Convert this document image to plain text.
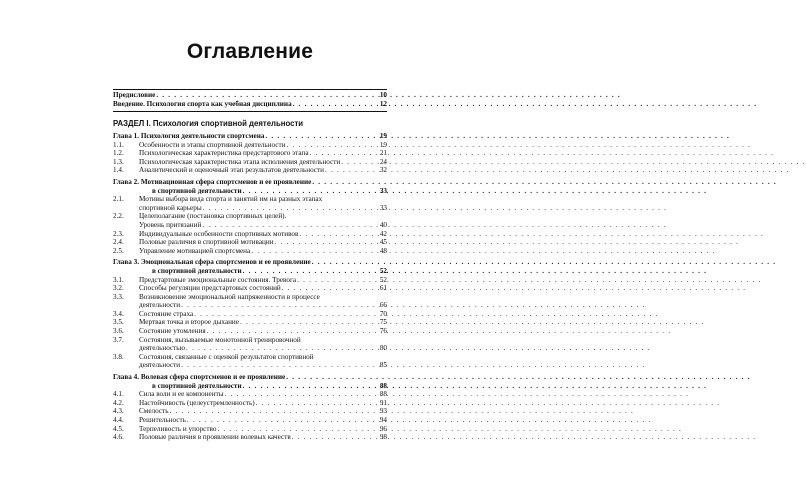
Оглавление
Предисловие . . .	10
Введение. Психология спорта как учебная дисциплина . . .	12
РАЗДЕЛ I. Психология спортивной деятельности
Глава 1. Психология деятельности спортсмена . . .	19
1.1.	Особенности и этапы спортивной деятельности . . .	19
1.2.	Психологическая характеристика предстартового этапа . . .	21
1.3.	Психологическая характеристика этапа исполнения деятельности . . .	24
1.4.	Аналитический и оценочный этап результатов деятельности . . .	32
Глава 2. Мотивационная сфера спортсменов и ее проявление
. . .
в спортивной деятельности . . .	33
2.1.	Мотивы выбора вида спорта и занятий им на разных этапах
спортивной карьеры . . .	33
2.2.	Целеполагание (постановка спортивных целей).
Уровень притязаний . . .	40
2.3.	Индивидуальные особенности спортивных мотивов . . .	42
2.4.	Половые различия в спортивной мотивации . . .	45
2.5.	Управление мотивацией спортсмена . . .	48
Глава 3. Эмоциональная сфера спортсменов и ее проявление
. . .
в спортивной деятельности . . .	52
3.1.	Предстартовые эмоциональные состояния. Тревога . . .	52
3.2.	Способы регуляции предстартовых состояний . . .	61
3.3.	Возникновение эмоциональной напряженности в процессе
деятельности . . .	66
3.4.	Состояние страха . . .	70
3.5.	Мертвая точка и второе дыхание . . .	75
3.6.	Состояние утомления . . .	76
3.7.	Состояния, вызываемые монотонной тренировочной
деятельностью . . .	80
3.8.	Состояния, связанные с оценкой результатов спортивной
деятельности . . .	85
Глава 4. Волевая сфера спортсменов и ее проявление
. . .
в спортивной деятельности . . .	88
4.1.	Сила воли и ее компоненты . . .	88
4.2.	Настойчивость (целеустремленность) . . .	91
4.3.	Смелость . . .	93
4.4.	Решительность . . .	94
4.5.	Терпеливость и упорство . . .	96
4.6.	Половые различия в проявлении волевых качеств . . .	98
